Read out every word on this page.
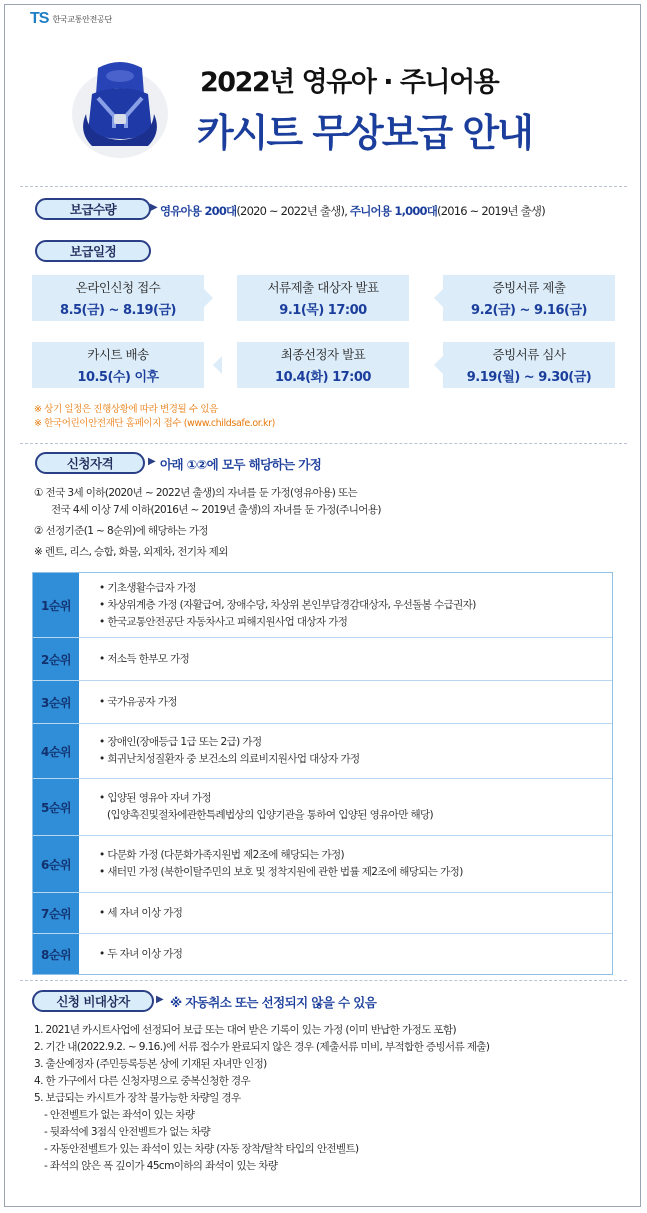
TS 한국교통안전공단
2022년 영유아 · 주니어용
카시트 무상보급 안내
보급수량	▶ 영유아용 200대(2020 ~ 2022년 출생), 주니어용 1,000대(2016 ~ 2019년 출생)
보급일정
온라인신청 접수
8.5(금) ~ 8.19(금)
서류제출 대상자 발표
9.1(목) 17:00
증빙서류 제출
9.2(금) ~ 9.16(금)
카시트 배송
10.5(수) 이후
최종선정자 발표
10.4(화) 17:00
증빙서류 심사
9.19(월) ~ 9.30(금)
※ 상기 일정은 진행상황에 따라 변경될 수 있음
※ 한국어린이안전재단 홈페이지 접수 (www.childsafe.or.kr)
신청자격	▶ 아래 ①②에 모두 해당하는 가정
① 전국 3세 이하(2020년 ~ 2022년 출생)의 자녀를 둔 가정(영유아용) 또는
전국 4세 이상 7세 이하(2016년 ~ 2019년 출생)의 자녀를 둔 가정(주니어용)
② 선정기준(1 ~ 8순위)에 해당하는 가정
※ 렌트, 리스, 승합, 화물, 외제차, 전기차 제외
1순위
• 기초생활수급자 가정
• 차상위계층 가정 (자활급여, 장애수당, 차상위 본인부담경감대상자, 우선돌봄 수급권자)
• 한국교통안전공단 자동차사고 피해지원사업 대상자 가정
2순위	• 저소득 한부모 가정
3순위	• 국가유공자 가정
4순위
• 장애인(장애등급 1급 또는 2급) 가정
• 희귀난치성질환자 중 보건소의 의료비지원사업 대상자 가정
5순위
• 입양된 영유아 자녀 가정
(입양촉진및절차에관한특례법상의 입양기관을 통하여 입양된 영유아만 해당)
6순위
• 다문화 가정 (다문화가족지원법 제2조에 해당되는 가정)
• 새터민 가정 (북한이탈주민의 보호 및 정착지원에 관한 법률 제2조에 해당되는 가정)
7순위	• 세 자녀 이상 가정
8순위	• 두 자녀 이상 가정
신청 비대상자	▶ ※ 자동취소 또는 선정되지 않을 수 있음
1. 2021년 카시트사업에 선정되어 보급 또는 대여 받은 기록이 있는 가정 (이미 반납한 가정도 포함)
2. 기간 내(2022.9.2. ~ 9.16.)에 서류 접수가 완료되지 않은 경우 (제출서류 미비, 부적합한 증빙서류 제출)
3. 출산예정자 (주민등록등본 상에 기재된 자녀만 인정)
4. 한 가구에서 다른 신청자명으로 중복신청한 경우
5. 보급되는 카시트가 장착 불가능한 차량일 경우
- 안전벨트가 없는 좌석이 있는 차량
- 뒷좌석에 3점식 안전벨트가 없는 차량
- 자동안전벨트가 있는 좌석이 있는 차량 (자동 장착/탈착 타입의 안전벨트)
- 좌석의 앉은 폭 깊이가 45cm이하의 좌석이 있는 차량
